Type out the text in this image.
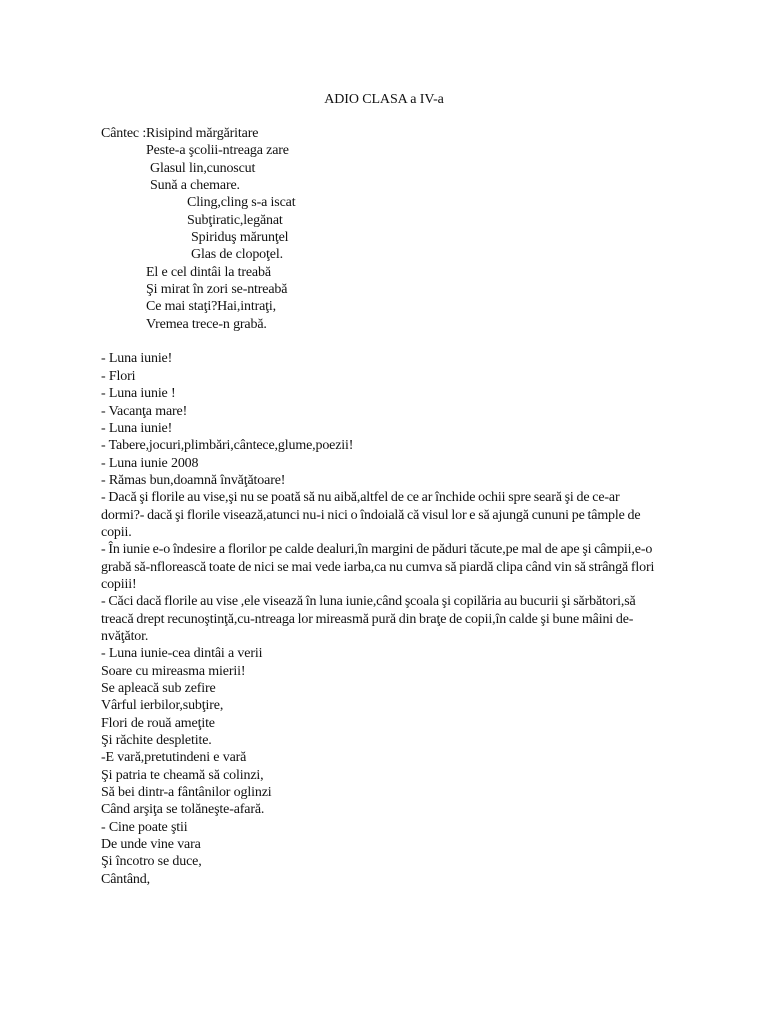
ADIO CLASA a IV-a
Cântec :Risipind mărgăritare
Peste-a şcolii-ntreaga zare
Glasul lin,cunoscut
Sună a chemare.
Cling,cling s-a iscat
Subţiratic,legănat
Spiriduş mărunţel
Glas de clopoţel.
El e cel dintâi la treabă
Şi mirat în zori se-ntreabă
Ce mai staţi?Hai,intraţi,
Vremea trece-n grabă.
- Luna iunie!
- Flori
- Luna iunie !
- Vacanţa mare!
- Luna iunie!
- Tabere,jocuri,plimbări,cântece,glume,poezii!
- Luna iunie 2008
- Rămas bun,doamnă învăţătoare!
- Dacă şi florile au vise,şi nu se poată să nu aibă,altfel de ce ar închide ochii spre seară şi de ce-ar dormi?- dacă şi florile visează,atunci nu-i nici o îndoială că visul lor e să ajungă cununi pe tâmple de copii.
- În iunie e-o îndesire a florilor pe calde dealuri,în margini de păduri tăcute,pe mal de ape şi câmpii,e-o grabă să-nflorească toate de nici se mai vede iarba,ca nu cumva să piardă clipa când vin să strângă flori copiii!
- Căci dacă florile au vise ,ele visează în luna iunie,când şcoala şi copilăria au bucurii şi sărbători,să treacă drept recunoştinţă,cu-ntreaga lor mireasmă pură din braţe de copii,în calde şi bune mâini de-nvăţător.
- Luna iunie-cea dintâi a verii
Soare cu mireasma mierii!
Se apleacă sub zefire
Vârful ierbilor,subţire,
Flori de rouă ameţite
Şi răchite despletite.
-E vară,pretutindeni e vară
Şi patria te cheamă să colinzi,
Să bei dintr-a fântânilor oglinzi
Când arşiţa se tolăneşte-afară.
- Cine poate ştii
De unde vine vara
Şi încotro se duce,
Cântând,
